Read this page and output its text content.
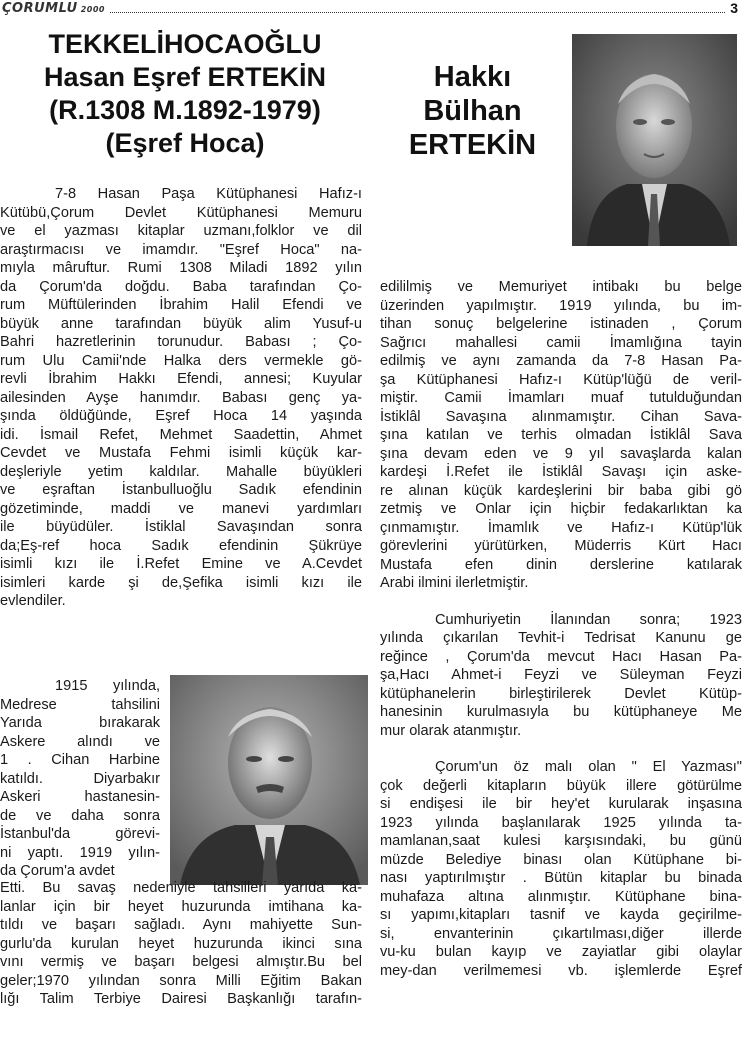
ÇORUMLU 2000	3
TEKKELİHOCAOĞLU
Hasan Eşref ERTEKİN
(R.1308 M.1892-1979)
(Eşref Hoca)
Hakkı
Bülhan
ERTEKİN
7-8 Hasan Paşa Kütüphanesi Hafız-ı
Kütübü,Çorum Devlet Kütüphanesi Memuru
ve el yazması kitaplar uzmanı,folklor ve dil
araştırmacısı ve imamdır. "Eşref Hoca" na-
mıyla mâruftur. Rumi 1308 Miladi 1892 yılın
da Çorum'da doğdu. Baba tarafından Ço-
rum Müftülerinden İbrahim Halil Efendi ve
büyük anne tarafından büyük alim Yusuf-u
Bahri hazretlerinin torunudur. Babası ; Ço-
rum Ulu Camii'nde Halka ders vermekle gö-
revli İbrahim Hakkı Efendi, annesi; Kuyular
ailesinden Ayşe hanımdır. Babası genç ya-
şında öldüğünde, Eşref Hoca 14 yaşında
idi. İsmail Refet, Mehmet Saadettin, Ahmet
Cevdet ve Mustafa Fehmi isimli küçük kar-
deşleriyle yetim kaldılar. Mahalle büyükleri
ve eşraftan İstanbulluoğlu Sadık efendinin
gözetiminde, maddi ve manevi yardımları
ile büyüdüler. İstiklal Savaşından sonra
da;Eş-ref hoca Sadık efendinin Şükrüye
isimli kızı ile İ.Refet Emine ve A.Cevdet
isimleri karde şi de,Şefika isimli kızı ile
evlendiler.
1915 yılında,
Medrese tahsilini
Yarıda bırakarak
Askere alındı ve
1 . Cihan Harbine
katıldı. Diyarbakır
Askeri hastanesin-
de ve daha sonra
İstanbul'da görevi-
ni yaptı. 1919 yılın-
da Çorum'a avdet
Etti. Bu savaş nedeniyle tahsilleri yarıda ka-
lanlar için bir heyet huzurunda imtihana ka-
tıldı ve başarı sağladı. Aynı mahiyette Sun-
gurlu'da kurulan heyet huzurunda ikinci sına
vını vermiş ve başarı belgesi almıştır.Bu bel
geler;1970 yılından sonra Milli Eğitim Bakan
lığı Talim Terbiye Dairesi Başkanlığı tarafın-
edililmiş ve Memuriyet intibakı bu belge
üzerinden yapılmıştır. 1919 yılında, bu im-
tihan sonuç belgelerine istinaden , Çorum
Sağrıcı mahallesi camii İmamlığına tayin
edilmiş ve aynı zamanda da 7-8 Hasan Pa-
şa Kütüphanesi Hafız-ı Kütüp'lüğü de veril-
miştir. Camii İmamları muaf tutulduğundan
İstiklâl Savaşına alınmamıştır. Cihan Sava-
şına katılan ve terhis olmadan İstiklâl Sava
şına devam eden ve 9 yıl savaşlarda kalan
kardeşi İ.Refet ile İstiklâl Savaşı için aske-
re alınan küçük kardeşlerini bir baba gibi gö
zetmiş ve Onlar için hiçbir fedakarlıktan ka
çınmamıştır. İmamlık ve Hafız-ı Kütüp'lük
görevlerini yürütürken, Müderris Kürt Hacı
Mustafa efen dinin derslerine katılarak
Arabi ilmini ilerletmiştir.
Cumhuriyetin İlanından sonra; 1923
yılında çıkarılan Tevhit-i Tedrisat Kanunu ge
reğince , Çorum'da mevcut Hacı Hasan Pa-
şa,Hacı Ahmet-i Feyzi ve Süleyman Feyzi
kütüphanelerin birleştirilerek Devlet Kütüp-
hanesinin kurulmasıyla bu kütüphaneye Me
mur olarak atanmıştır.
Çorum'un öz malı olan " El Yazması"
çok değerli kitapların büyük illere götürülme
si endişesi ile bir hey'et kurularak inşasına
1923 yılında başlanılarak 1925 yılında ta-
mamlanan,saat kulesi karşısındaki, bu günü
müzde Belediye binası olan Kütüphane bi-
nası yaptırılmıştır . Bütün kitaplar bu binada
muhafaza altına alınmıştır. Kütüphane bina-
sı yapımı,kitapları tasnif ve kayda geçirilme-
si, envanterinin çıkartılması,diğer illerde
vu-ku bulan kayıp ve zayiatlar gibi olaylar
mey-dan verilmemesi vb. işlemlerde Eşref
